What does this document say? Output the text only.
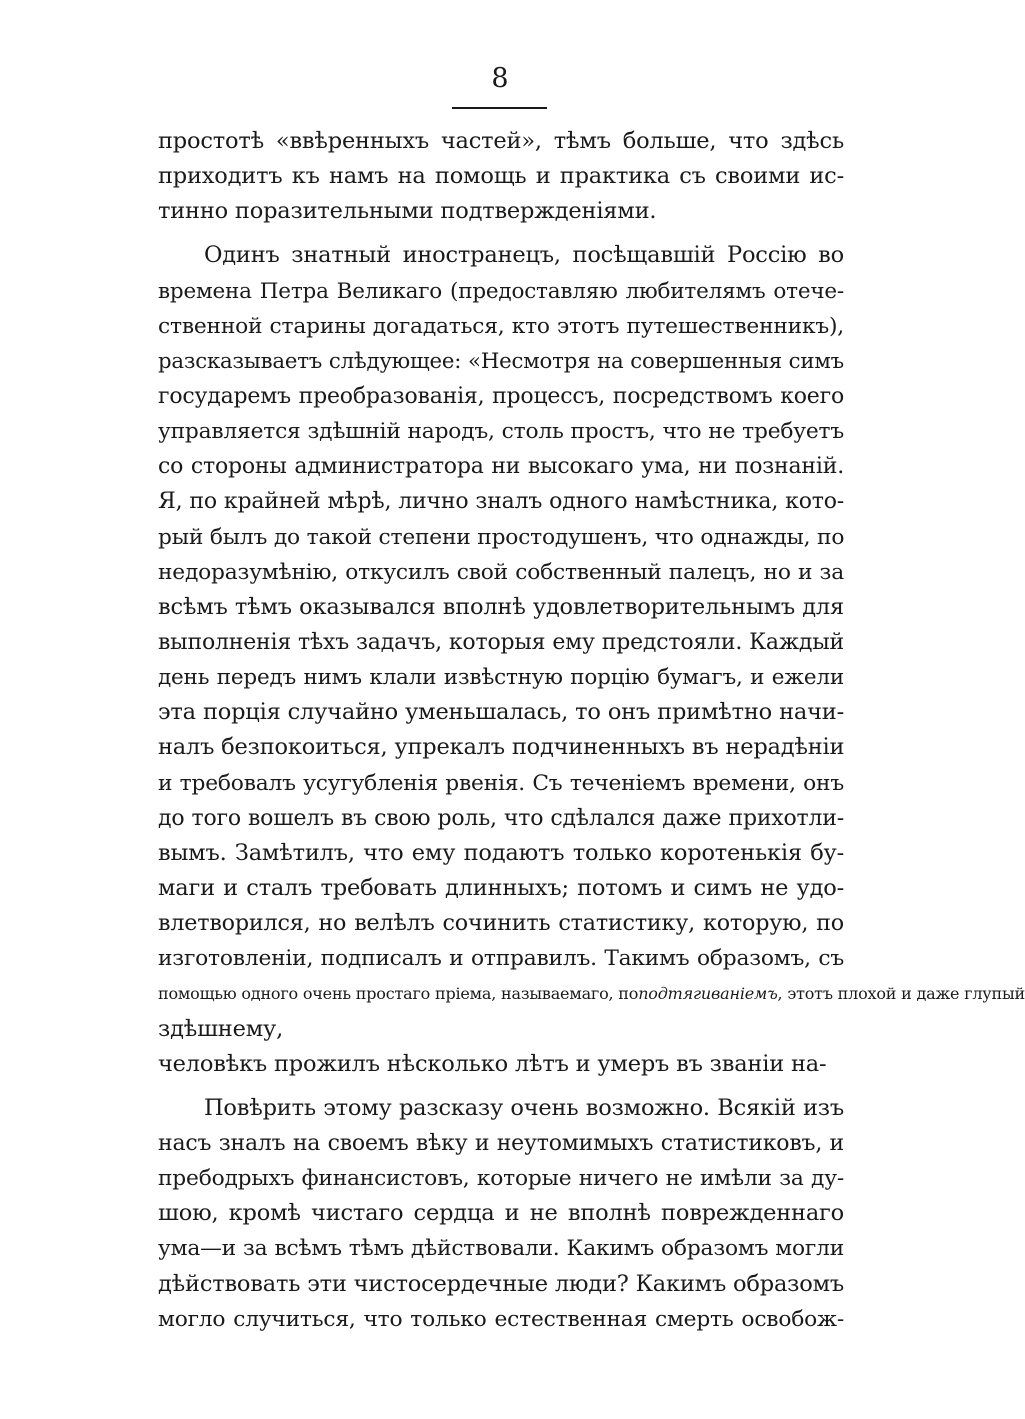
8
простотѣ «ввѣренныхъ частей», тѣмъ больше, что здѣсь
приходитъ къ намъ на помощь и практика съ своими ис-
тинно поразительными подтвержденіями.
Одинъ знатный иностранецъ, посѣщавшій Россію во
времена Петра Великаго (предоставляю любителямъ отече-
ственной старины догадаться, кто этотъ путешественникъ),
разсказываетъ слѣдующее: «Несмотря на совершенныя симъ
государемъ преобразованія, процессъ, посредствомъ коего
управляется здѣшній народъ, столь простъ, что не требуетъ
со стороны администратора ни высокаго ума, ни познаній.
Я, по крайней мѣрѣ, лично зналъ одного намѣстника, кото-
рый былъ до такой степени простодушенъ, что однажды, по
недоразумѣнію, откусилъ свой собственный палецъ, но и за
всѣмъ тѣмъ оказывался вполнѣ удовлетворительнымъ для
выполненія тѣхъ задачъ, которыя ему предстояли. Каждый
день передъ нимъ клали извѣстную порцію бумагъ, и ежели
эта порція случайно уменьшалась, то онъ примѣтно начи-
налъ безпокоиться, упрекалъ подчиненныхъ въ нерадѣніи
и требовалъ усугубленія рвенія. Съ теченіемъ времени, онъ
до того вошелъ въ свою роль, что сдѣлался даже прихотли-
вымъ. Замѣтилъ, что ему подаютъ только коротенькія бу-
маги и сталъ требовать длинныхъ; потомъ и симъ не удо-
влетворился, но велѣлъ сочинить статистику, которую, по
изготовленіи, подписалъ и отправилъ. Такимъ образомъ, съ
помощью одного очень простаго пріема, называемаго, поподтягиваніемъ, этотъ плохой и даже глупый
здѣшнему,
человѣкъ прожилъ нѣсколько лѣтъ и умеръ въ званіи на-
Повѣрить этому разсказу очень возможно. Всякій изъ
насъ зналъ на своемъ вѣку и неутомимыхъ статистиковъ, и
пребодрыхъ финансистовъ, которые ничего не имѣли за ду-
шою, кромѣ чистаго сердца и не вполнѣ поврежденнаго
ума—и за всѣмъ тѣмъ дѣйствовали. Какимъ образомъ могли
дѣйствовать эти чистосердечные люди? Какимъ образомъ
могло случиться, что только естественная смерть освобож-
